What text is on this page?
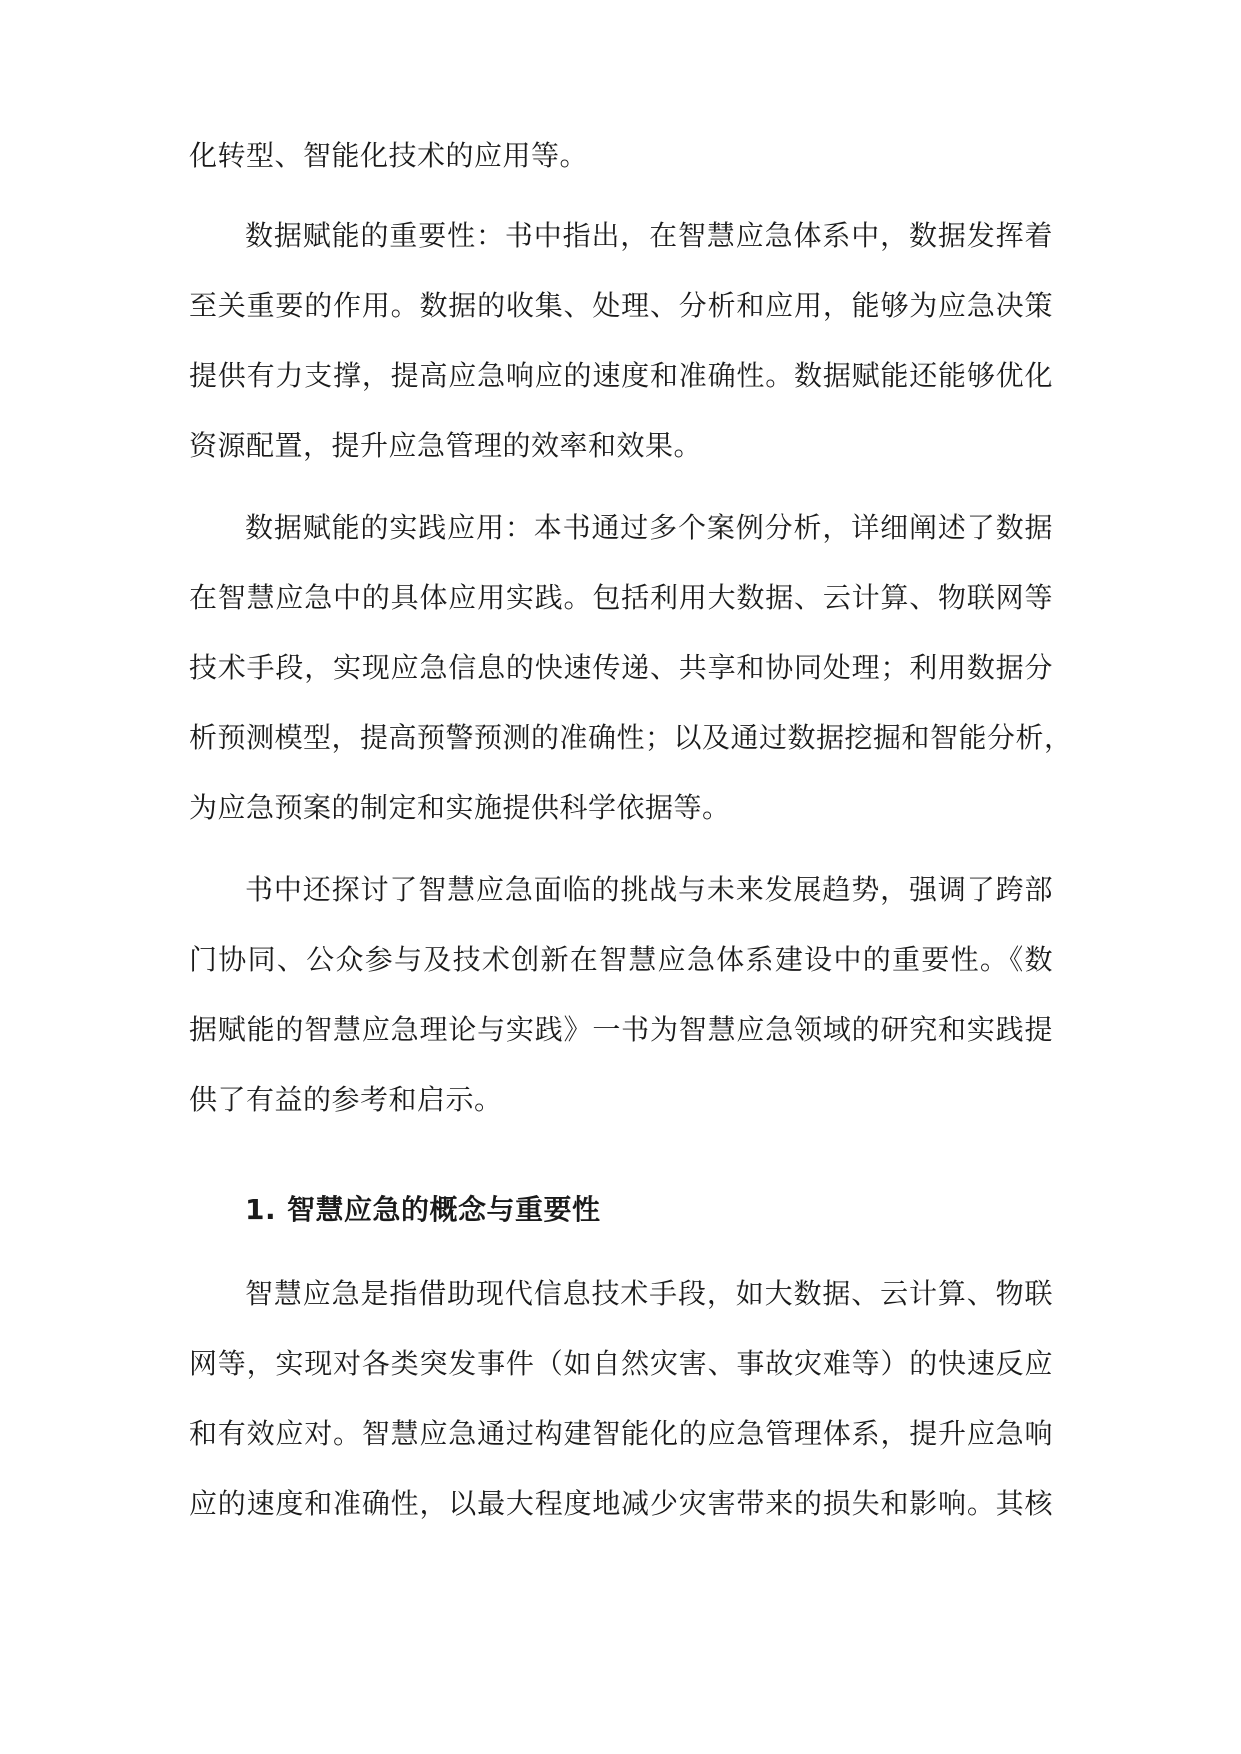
化转型、智能化技术的应用等。
数据赋能的重要性：书中指出，在智慧应急体系中，数据发挥着
至关重要的作用。数据的收集、处理、分析和应用，能够为应急决策
提供有力支撑，提高应急响应的速度和准确性。数据赋能还能够优化
资源配置，提升应急管理的效率和效果。
数据赋能的实践应用：本书通过多个案例分析，详细阐述了数据
在智慧应急中的具体应用实践。包括利用大数据、云计算、物联网等
技术手段，实现应急信息的快速传递、共享和协同处理；利用数据分
析预测模型，提高预警预测的准确性；以及通过数据挖掘和智能分析，
为应急预案的制定和实施提供科学依据等。
书中还探讨了智慧应急面临的挑战与未来发展趋势，强调了跨部
门协同、公众参与及技术创新在智慧应急体系建设中的重要性。《数
据赋能的智慧应急理论与实践》一书为智慧应急领域的研究和实践提
供了有益的参考和启示。
1. 智慧应急的概念与重要性
智慧应急是指借助现代信息技术手段，如大数据、云计算、物联
网等，实现对各类突发事件（如自然灾害、事故灾难等）的快速反应
和有效应对。智慧应急通过构建智能化的应急管理体系，提升应急响
应的速度和准确性，以最大程度地减少灾害带来的损失和影响。其核
